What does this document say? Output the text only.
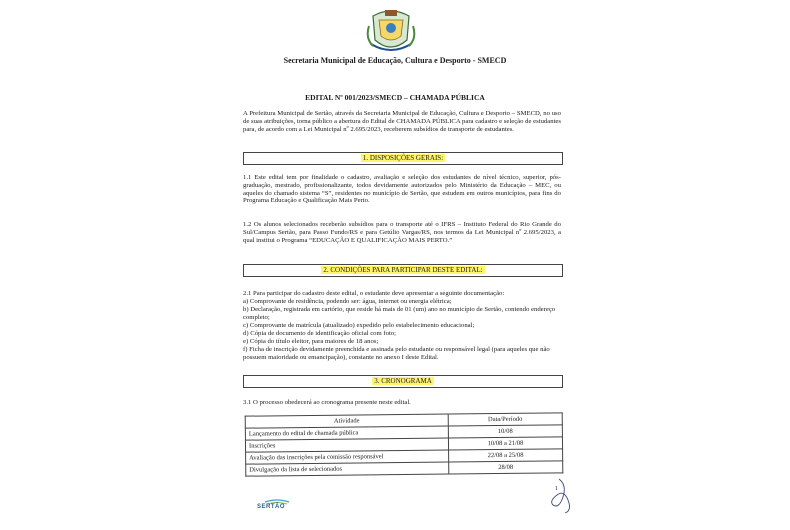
Secretaria Municipal de Educação, Cultura e Desporto - SMECD
EDITAL Nº 001/2023/SMECD – CHAMADA PÚBLICA

A Prefeitura Municipal de Sertão, através da Secretaria Municipal de Educação, Cultura e Desporto – SMECD, no uso de suas atribuições, torna público a abertura do Edital de CHAMADA PÚBLICA para cadastro e seleção de estudantes para, de acordo com a Lei Municipal nº 2.695/2023, receberem subsídios de transporte de estudantes.

1. DISPOSIÇÕES GERAIS:

1.1 Este edital tem por finalidade o cadastro, avaliação e seleção dos estudantes de nível técnico, superior, pós-graduação, mestrado, profissionalizante, todos devidamente autorizados pelo Ministério da Educação – MEC, ou aqueles do chamado sistema “S”, residentes no município de Sertão, que estudem em outros municípios, para fins do Programa Educação e Qualificação Mais Perto.

1.2 Os alunos selecionados receberão subsídios para o transporte até o IFRS – Instituto Federal do Rio Grande do Sul/Campus Sertão, para Passo Fundo/RS e para Getúlio Vargas/RS, nos termos da Lei Municipal nº 2.695/2023, a qual institui o Programa “EDUCAÇÃO E QUALIFICAÇÃO MAIS PERTO.”

2. CONDIÇÕES PARA PARTICIPAR DESTE EDITAL:

2.1 Para participar do cadastro deste edital, o estudante deve apresentar a seguinte documentação:

a) Comprovante de residência, podendo ser: água, internet ou energia elétrica;

b) Declaração, registrada em cartório, que reside há mais de 01 (um) ano no município de Sertão, contendo endereço completo;

c) Comprovante de matrícula (atualizado) expedido pelo estabelecimento educacional;

d) Cópia de documento de identificação oficial com foto;

e) Cópia do título eleitor, para maiores de 18 anos;

f) Ficha de inscrição devidamente preenchida e assinada pelo estudante ou responsável legal (para aqueles que não possuem maioridade ou emancipação), constante no anexo I deste Edital.

3. CRONOGRAMA

3.1 O processo obedecerá ao cronograma presente neste edital.

Atividade	Data/Período
Lançamento do edital de chamada pública	10/08
Inscrições	10/08 a 21/08
Avaliação das inscrições pela comissão responsável	22/08 a 25/08
Divulgação da lista de selecionados	28/08
1
SERTÃO
